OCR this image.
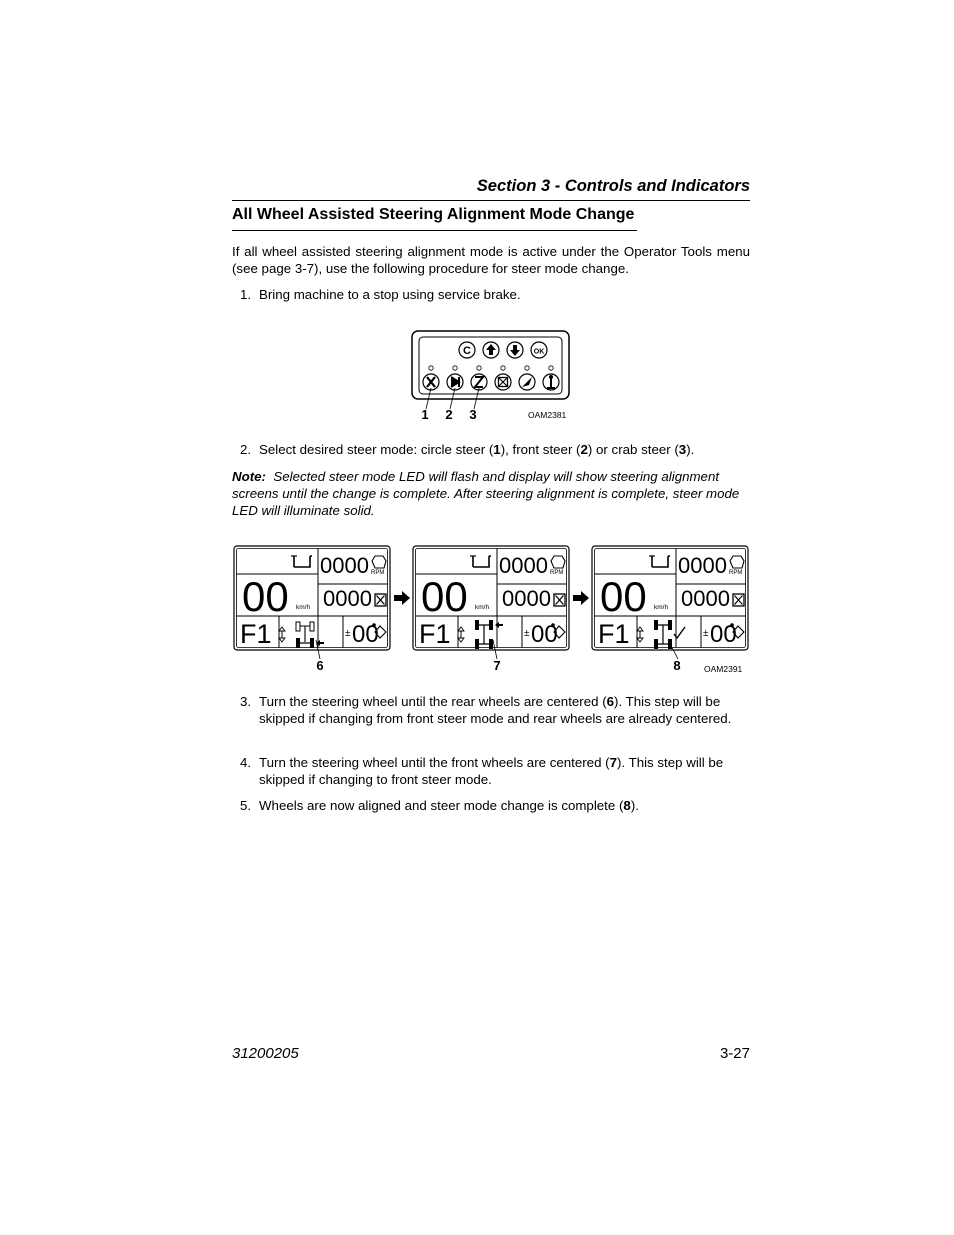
Section 3 - Controls and Indicators
All Wheel Assisted Steering Alignment Mode Change
If all wheel assisted steering alignment mode is active under the Operator Tools menu (see page 3-7), use the following procedure for steer mode change.
1. Bring machine to a stop using service brake.
C	OK
1 2 3	OAM2381
2. Select desired steer mode: circle steer (1), front steer (2) or crab steer (3).
Note: Selected steer mode LED will flash and display will show steering alignment screens until the change is complete. After steering alignment is complete, steer mode LED will illuminate solid.
00 km/h
0000 RPM
0000
F1	± 00
00 km/h
0000 RPM
0000
F1	± 00
00 km/h
0000 RPM
0000
F1	± 00
6	7	8	OAM2391
3. Turn the steering wheel until the rear wheels are centered (6). This step will be skipped if changing from front steer mode and rear wheels are already centered.
4. Turn the steering wheel until the front wheels are centered (7). This step will be skipped if changing to front steer mode.
5. Wheels are now aligned and steer mode change is complete (8).
31200205	3-27
